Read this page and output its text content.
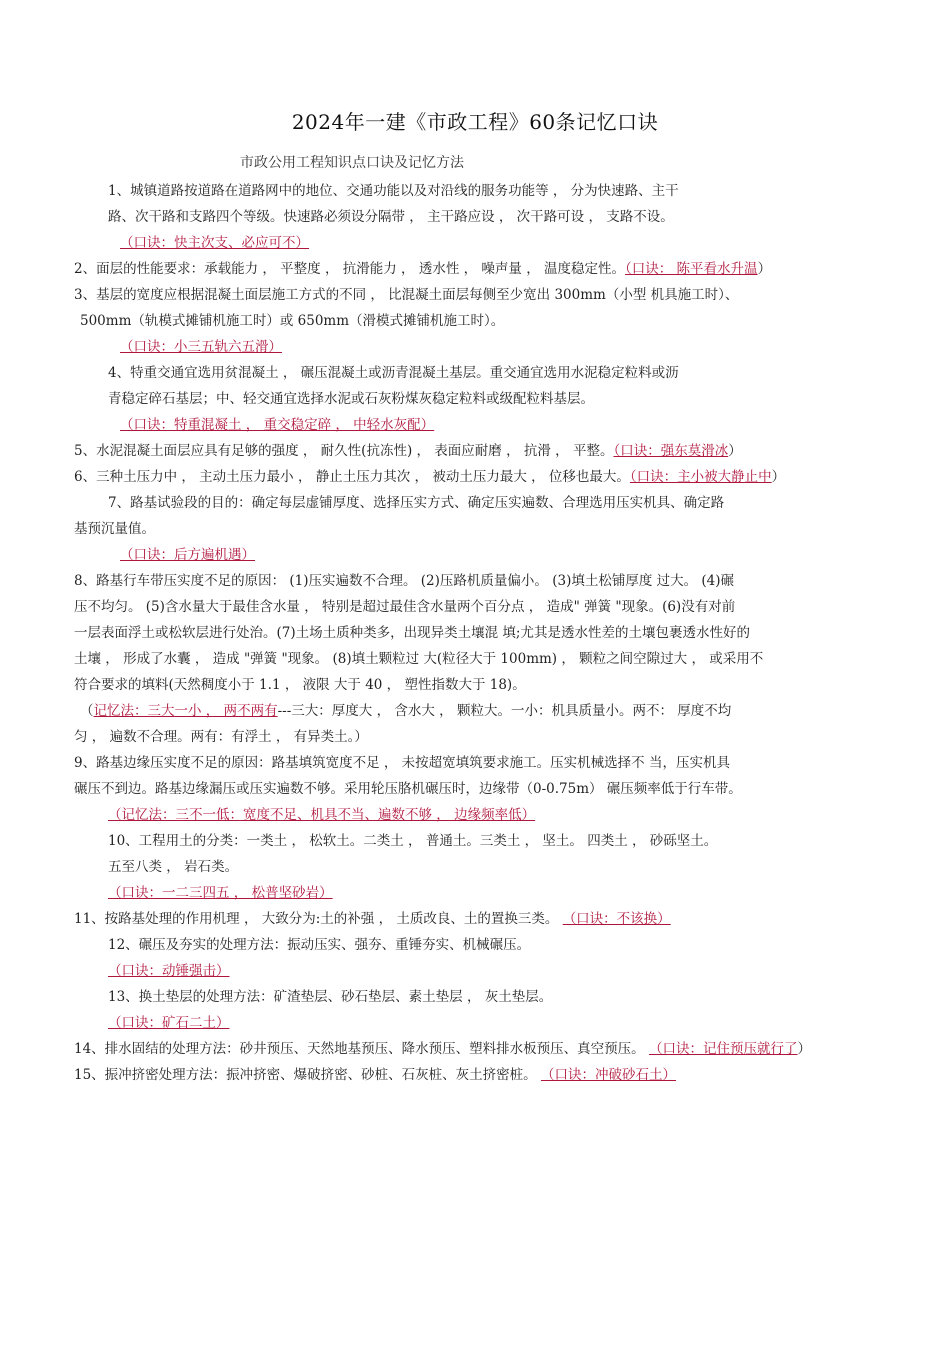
2024年一建《市政工程》60条记忆口诀
市政公用工程知识点口诀及记忆方法

1、城镇道路按道路在道路网中的地位、交通功能以及对沿线的服务功能等 ， 分为快速路、主干

路、次干路和支路四个等级。快速路必须设分隔带 ， 主干路应设 ， 次干路可设 ， 支路不设。

（口诀：快主次支、必应可不）

2、面层的性能要求：承载能力 ， 平整度 ， 抗滑能力 ， 透水性 ， 噪声量 ， 温度稳定性。（口诀： 陈平看水升温）

3、基层的宽度应根据混凝土面层施工方式的不同 ， 比混凝土面层每侧至少宽出 300mm（小型 机具施工时）、

500mm（轨模式摊铺机施工时）或 650mm（滑模式摊铺机施工时）。

（口诀：小三五轨六五滑）

4、特重交通宜选用贫混凝土 ， 碾压混凝土或沥青混凝土基层。重交通宜选用水泥稳定粒料或沥

青稳定碎石基层；中、轻交通宜选择水泥或石灰粉煤灰稳定粒料或级配粒料基层。

（口诀：特重混凝土 ， 重交稳定碎 ， 中轻水灰配）

5、水泥混凝土面层应具有足够的强度 ， 耐久性(抗冻性) ， 表面应耐磨 ， 抗滑 ， 平整。（口诀：强东莫滑冰）

6、三种土压力中 ， 主动土压力最小 ， 静止土压力其次 ， 被动土压力最大 ， 位移也最大。（口诀：主小被大静止中）

7、路基试验段的目的：确定每层虚铺厚度、选择压实方式、确定压实遍数、合理选用压实机具、确定路

基预沉量值。

（口诀：后方遍机遇）

8、路基行车带压实度不足的原因： (1)压实遍数不合理。 (2)压路机质量偏小。 (3)填土松铺厚度 过大。 (4)碾

压不均匀。 (5)含水量大于最佳含水量 ， 特别是超过最佳含水量两个百分点 ， 造成" 弹簧 "现象。(6)没有对前

一层表面浮土或松软层进行处治。(7)土场土质种类多，出现异类土壤混 填;尤其是透水性差的土壤包裹透水性好的

土壤 ， 形成了水囊 ， 造成 "弹簧 "现象。 (8)填土颗粒过 大(粒径大于 100mm) ， 颗粒之间空隙过大 ， 或采用不

符合要求的填料(天然稠度小于 1.1 ， 液限 大于 40 ， 塑性指数大于 18)。

（记忆法：三大一小 ， 两不两有---三大：厚度大 ， 含水大 ， 颗粒大。一小：机具质量小。两不： 厚度不均

匀 ， 遍数不合理。两有：有浮土 ， 有异类土。）

9、路基边缘压实度不足的原因：路基填筑宽度不足 ， 未按超宽填筑要求施工。压实机械选择不 当，压实机具

碾压不到边。路基边缘漏压或压实遍数不够。采用轮压胳机碾压时，边缘带（0-0.75m） 碾压频率低于行车带。

（记忆法：三不一低：宽度不足、机具不当、遍数不够 ， 边缘频率低）

10、工程用土的分类：一类土 ， 松软土。二类土 ， 普通土。三类土 ， 坚土。 四类土 ， 砂砾坚土。

五至八类 ， 岩石类。

（口诀：一二三四五 ， 松普坚砂岩）

11、按路基处理的作用机理 ， 大致分为:土的补强 ， 土质改良、土的置换三类。 （口诀：不该换）

12、碾压及夯实的处理方法：振动压实、强夯、重锤夯实、机械碾压。

（口诀：动锤强击）

13、换土垫层的处理方法：矿渣垫层、砂石垫层、素土垫层 ， 灰土垫层。

（口诀：矿石二土）

14、排水固结的处理方法：砂井预压、天然地基预压、降水预压、塑料排水板预压、真空预压。 （口诀：记住预压就行了）

15、振冲挤密处理方法：振冲挤密、爆破挤密、砂桩、石灰桩、灰土挤密桩。 （口诀：冲破砂石土）
